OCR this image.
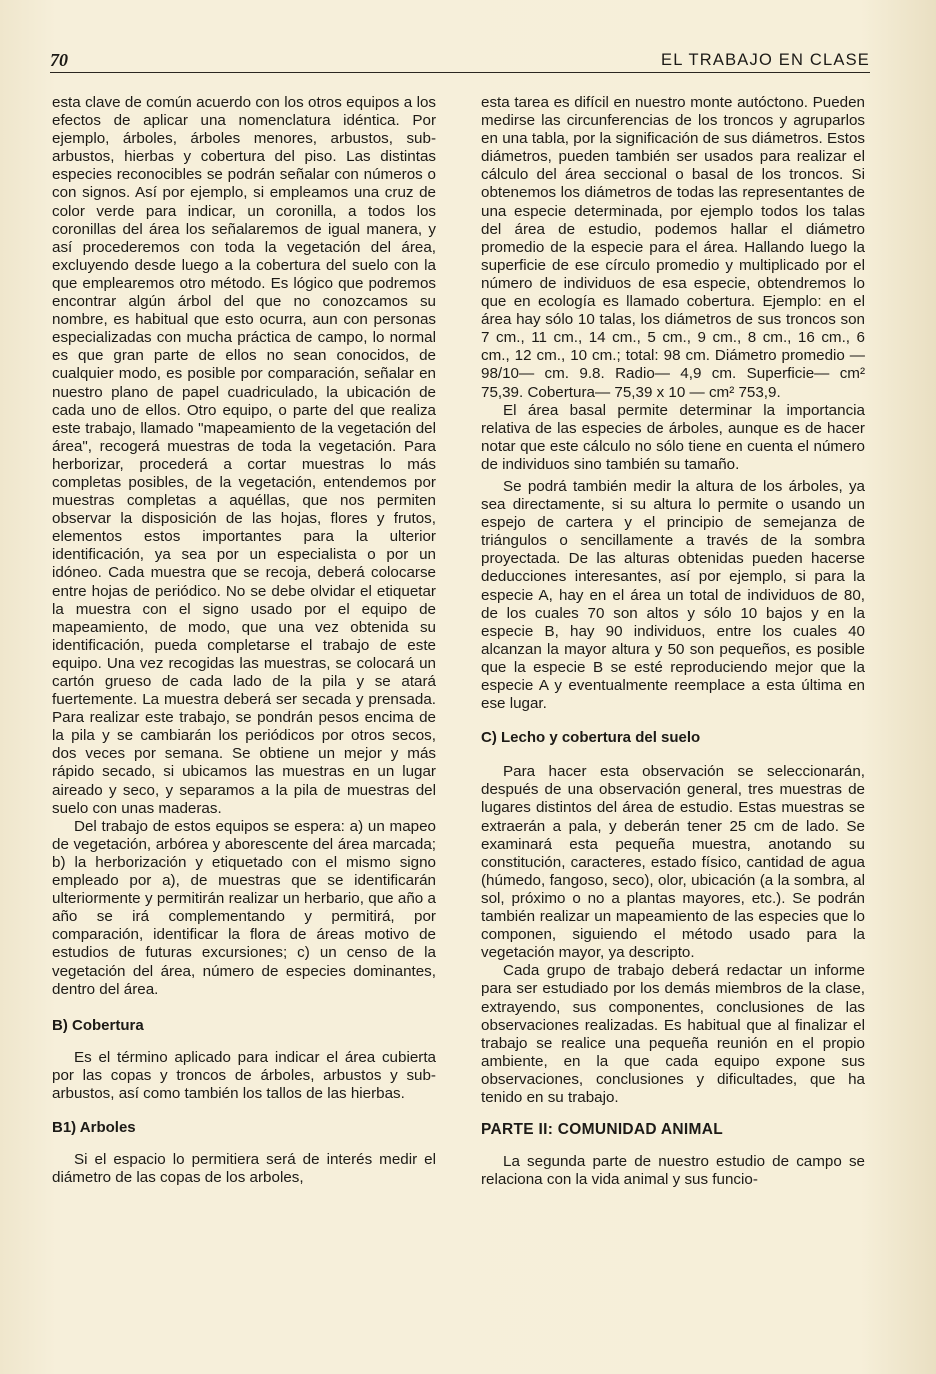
70	EL TRABAJO EN CLASE

esta clave de común acuerdo con los otros equipos a los efectos de aplicar una nomenclatura idéntica. Por ejemplo, árboles, árboles menores, arbustos, sub-arbustos, hierbas y cobertura del piso. Las distintas especies reconocibles se podrán señalar con números o con signos. Así por ejemplo, si empleamos una cruz de color verde para indicar, un coronilla, a todos los coronillas del área los señalaremos de igual manera, y así procederemos con toda la vegetación del área, excluyendo desde luego a la cobertura del suelo con la que emplearemos otro método. Es lógico que podremos encontrar algún árbol del que no conozcamos su nombre, es habitual que esto ocurra, aun con personas especializadas con mucha práctica de campo, lo normal es que gran parte de ellos no sean conocidos, de cualquier modo, es posible por comparación, señalar en nuestro plano de papel cuadriculado, la ubicación de cada uno de ellos. Otro equipo, o parte del que realiza este trabajo, llamado "mapeamiento de la vegetación del área", recogerá muestras de toda la vegetación. Para herborizar, procederá a cortar muestras lo más completas posibles, de la vegetación, entendemos por muestras completas a aquéllas, que nos permiten observar la disposición de las hojas, flores y frutos, elementos estos importantes para la ulterior identificación, ya sea por un especialista o por un idóneo. Cada muestra que se recoja, deberá colocarse entre hojas de periódico. No se debe olvidar el etiquetar la muestra con el signo usado por el equipo de mapeamiento, de modo, que una vez obtenida su identificación, pueda completarse el trabajo de este equipo. Una vez recogidas las muestras, se colocará un cartón grueso de cada lado de la pila y se atará fuertemente. La muestra deberá ser secada y prensada. Para realizar este trabajo, se pondrán pesos encima de la pila y se cambiarán los periódicos por otros secos, dos veces por semana. Se obtiene un mejor y más rápido secado, si ubicamos las muestras en un lugar aireado y seco, y separamos a la pila de muestras del suelo con unas maderas.

Del trabajo de estos equipos se espera: a) un mapeo de vegetación, arbórea y aborescente del área marcada; b) la herborización y etiquetado con el mismo signo empleado por a), de muestras que se identificarán ulteriormente y permitirán realizar un herbario, que año a año se irá complementando y permitirá, por comparación, identificar la flora de áreas motivo de estudios de futuras excursiones; c) un censo de la vegetación del área, número de especies dominantes, dentro del área.

B) Cobertura

Es el término aplicado para indicar el área cubierta por las copas y troncos de árboles, arbustos y sub-arbustos, así como también los tallos de las hierbas.

B1) Arboles

Si el espacio lo permitiera será de interés medir el diámetro de las copas de los arboles,

esta tarea es difícil en nuestro monte autóctono. Pueden medirse las circunferencias de los troncos y agruparlos en una tabla, por la significación de sus diámetros. Estos diámetros, pueden también ser usados para realizar el cálculo del área seccional o basal de los troncos. Si obtenemos los diámetros de todas las representantes de una especie determinada, por ejemplo todos los talas del área de estudio, podemos hallar el diámetro promedio de la especie para el área. Hallando luego la superficie de ese círculo promedio y multiplicado por el número de individuos de esa especie, obtendremos lo que en ecología es llamado cobertura. Ejemplo: en el área hay sólo 10 talas, los diámetros de sus troncos son 7 cm., 11 cm., 14 cm., 5 cm., 9 cm., 8 cm., 16 cm., 6 cm., 12 cm., 10 cm.; total: 98 cm. Diámetro promedio — 98/10— cm. 9.8. Radio— 4,9 cm. Superficie— cm² 75,39. Cobertura— 75,39 x 10 — cm² 753,9.

El área basal permite determinar la importancia relativa de las especies de árboles, aunque es de hacer notar que este cálculo no sólo tiene en cuenta el número de individuos sino también su tamaño.

Se podrá también medir la altura de los árboles, ya sea directamente, si su altura lo permite o usando un espejo de cartera y el principio de semejanza de triángulos o sencillamente a través de la sombra proyectada. De las alturas obtenidas pueden hacerse deducciones interesantes, así por ejemplo, si para la especie A, hay en el área un total de individuos de 80, de los cuales 70 son altos y sólo 10 bajos y en la especie B, hay 90 individuos, entre los cuales 40 alcanzan la mayor altura y 50 son pequeños, es posible que la especie B se esté reproduciendo mejor que la especie A y eventualmente reemplace a esta última en ese lugar.

C) Lecho y cobertura del suelo

Para hacer esta observación se seleccionarán, después de una observación general, tres muestras de lugares distintos del área de estudio. Estas muestras se extraerán a pala, y deberán tener 25 cm de lado. Se examinará esta pequeña muestra, anotando su constitución, caracteres, estado físico, cantidad de agua (húmedo, fangoso, seco), olor, ubicación (a la sombra, al sol, próximo o no a plantas mayores, etc.). Se podrán también realizar un mapeamiento de las especies que lo componen, siguiendo el método usado para la vegetación mayor, ya descripto.

Cada grupo de trabajo deberá redactar un informe para ser estudiado por los demás miembros de la clase, extrayendo, sus componentes, conclusiones de las observaciones realizadas. Es habitual que al finalizar el trabajo se realice una pequeña reunión en el propio ambiente, en la que cada equipo expone sus observaciones, conclusiones y dificultades, que ha tenido en su trabajo.

PARTE II: COMUNIDAD ANIMAL

La segunda parte de nuestro estudio de campo se relaciona con la vida animal y sus funcio-
